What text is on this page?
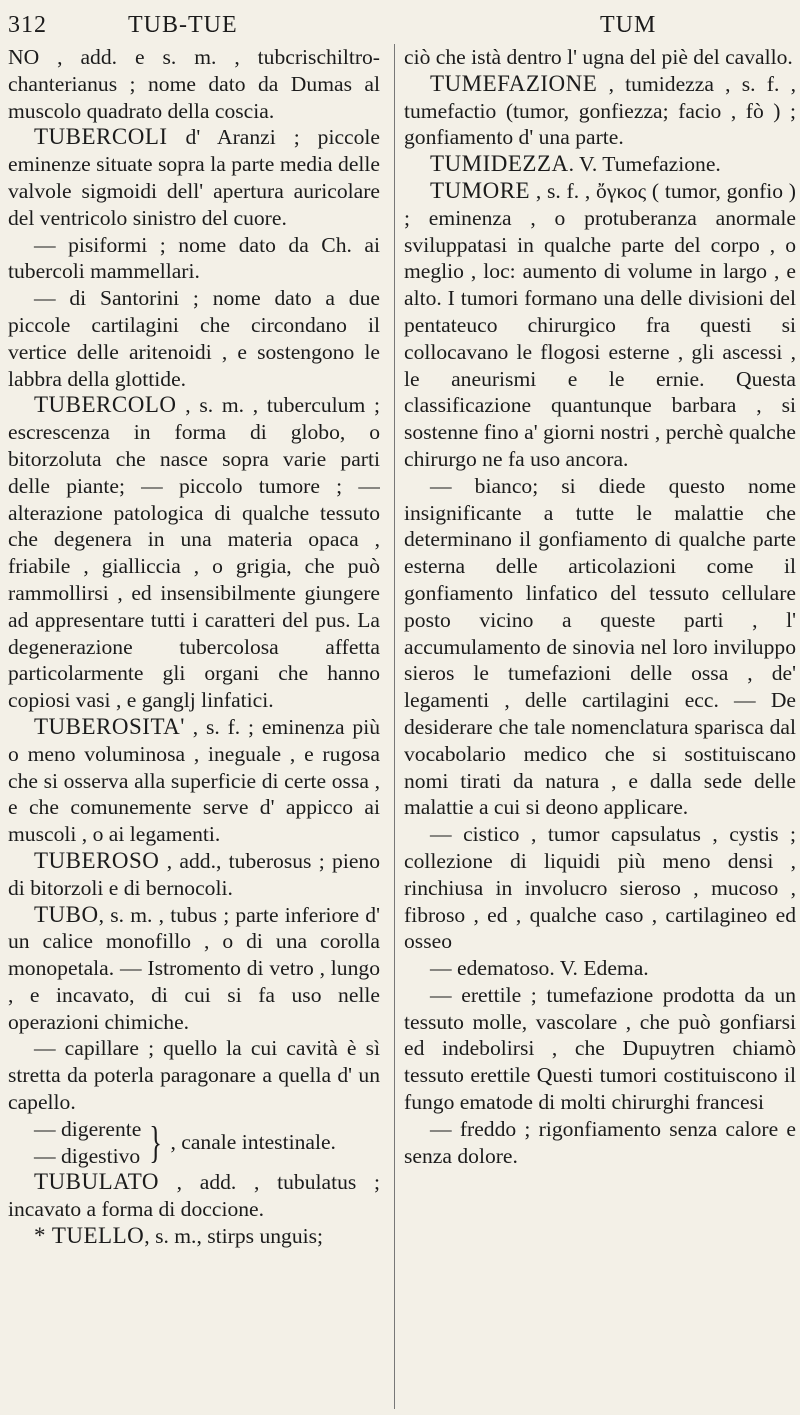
312	TUB-TUE	TUM

NO , add. e s. m. , tubcrischiltro-chanterianus ; nome dato da Dumas al muscolo quadrato della coscia.

TUBERCOLI d' Aranzi ; piccole eminenze situate sopra la parte media delle valvole sigmoidi dell' apertura auricolare del ventricolo sinistro del cuore.

— pisiformi ; nome dato da Ch. ai tubercoli mammellari.

— di Santorini ; nome dato a due piccole cartilagini che circondano il vertice delle aritenoidi , e sostengono le labbra della glottide.

TUBERCOLO , s. m. , tuberculum ; escrescenza in forma di globo, o bitorzoluta che nasce sopra varie parti delle piante; — piccolo tumore ; — alterazione patologica di qualche tessuto che degenera in una materia opaca , friabile , gialliccia , o grigia, che può rammollirsi , ed insensibilmente giungere ad appresentare tutti i caratteri del pus. La degenerazione tubercolosa affetta particolarmente gli organi che hanno copiosi vasi , e ganglj linfatici.

TUBEROSITA' , s. f. ; eminenza più o meno voluminosa , ineguale , e rugosa che si osserva alla superficie di certe ossa , e che comunemente serve d' appicco ai muscoli , o ai legamenti.

TUBEROSO , add., tuberosus ; pieno di bitorzoli e di bernocoli.

TUBO, s. m. , tubus ; parte inferiore d' un calice monofillo , o di una corolla monopetala. — Istromento di vetro , lungo , e incavato, di cui si fa uso nelle operazioni chimiche.

— capillare ; quello la cui cavità è sì stretta da poterla paragonare a quella d' un capello.

— digerente
— digestivo } , canale intestinale.

TUBULATO , add. , tubulatus ; incavato a forma di doccione.

* TUELLO, s. m., stirps unguis;

ciò che istà dentro l' ugna del piè del cavallo.

TUMEFAZIONE , tumidezza , s. f. , tumefactio (tumor, gonfiezza; facio , fò ) ; gonfiamento d' una parte.

TUMIDEZZA. V. Tumefazione.

TUMORE , s. f. , ὄγκος ( tumor, gonfio ) ; eminenza , o protuberanza anormale sviluppatasi in qualche parte del corpo , o meglio , loc: aumento di volume in largo , e alto. I tumori formano una delle divisioni del pentateuco chirurgico fra questi si collocavano le flogosi esterne , gli ascessi , le aneurismi e le ernie. Questa classificazione quantunque barbara , si sostenne fino a' giorni nostri , perchè qualche chirurgo ne fa uso ancora.

— bianco; si diede questo nome insignificante a tutte le malattie che determinano il gonfiamento di qualche parte esterna delle articolazioni come il gonfiamento linfatico del tessuto cellulare posto vicino a queste parti , l' accumulamento de sinovia nel loro inviluppo sieros le tumefazioni delle ossa , de' legamenti , delle cartilagini ecc. — De desiderare che tale nomenclatura sparisca dal vocabolario medico che si sostituiscano nomi tirati da natura , e dalla sede delle malattie a cui si deono applicare.

— cistico , tumor capsulatus , cystis ; collezione di liquidi più meno densi , rinchiusa in involucro sieroso , mucoso , fibroso , ed , qualche caso , cartilagineo ed osseo

— edematoso. V. Edema.

— erettile ; tumefazione prodotta da un tessuto molle, vascolare , che può gonfiarsi ed indebolirsi , che Dupuytren chiamò tessuto erettile Questi tumori costituiscono il fungo ematode di molti chirurghi francesi

— freddo ; rigonfiamento senza calore e senza dolore.
